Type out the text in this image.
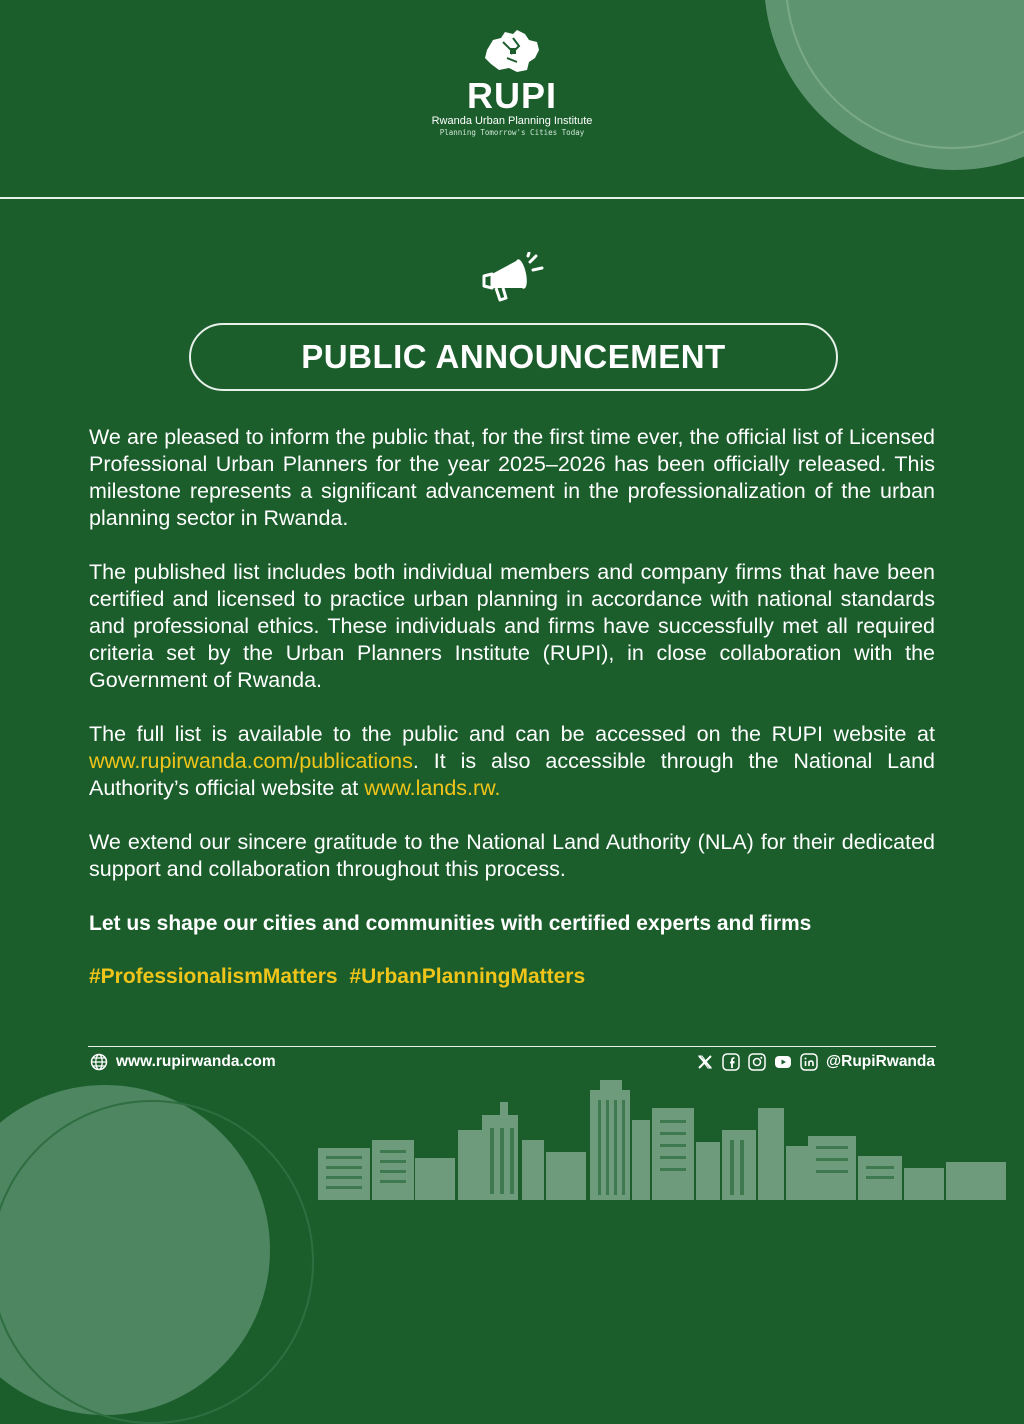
RUPI
Rwanda Urban Planning Institute
Planning Tomorrow's Cities Today
PUBLIC ANNOUNCEMENT

We are pleased to inform the public that, for the first time ever, the official list of Licensed Professional Urban Planners for the year 2025–2026 has been officially released. This milestone represents a significant advancement in the professionalization of the urban planning sector in Rwanda.

The published list includes both individual members and company firms that have been certified and licensed to practice urban planning in accordance with national standards and professional ethics. These individuals and firms have successfully met all required criteria set by the Urban Planners Institute (RUPI), in close collaboration with the Government of Rwanda.

The full list is available to the public and can be accessed on the RUPI website at www.rupirwanda.com/publications. It is also accessible through the National Land Authority’s official website at www.lands.rw.

We extend our sincere gratitude to the National Land Authority (NLA) for their dedicated support and collaboration throughout this process.

Let us shape our cities and communities with certified experts and firms
#ProfessionalismMatters #UrbanPlanningMatters
www.rupirwanda.com	@RupiRwanda
